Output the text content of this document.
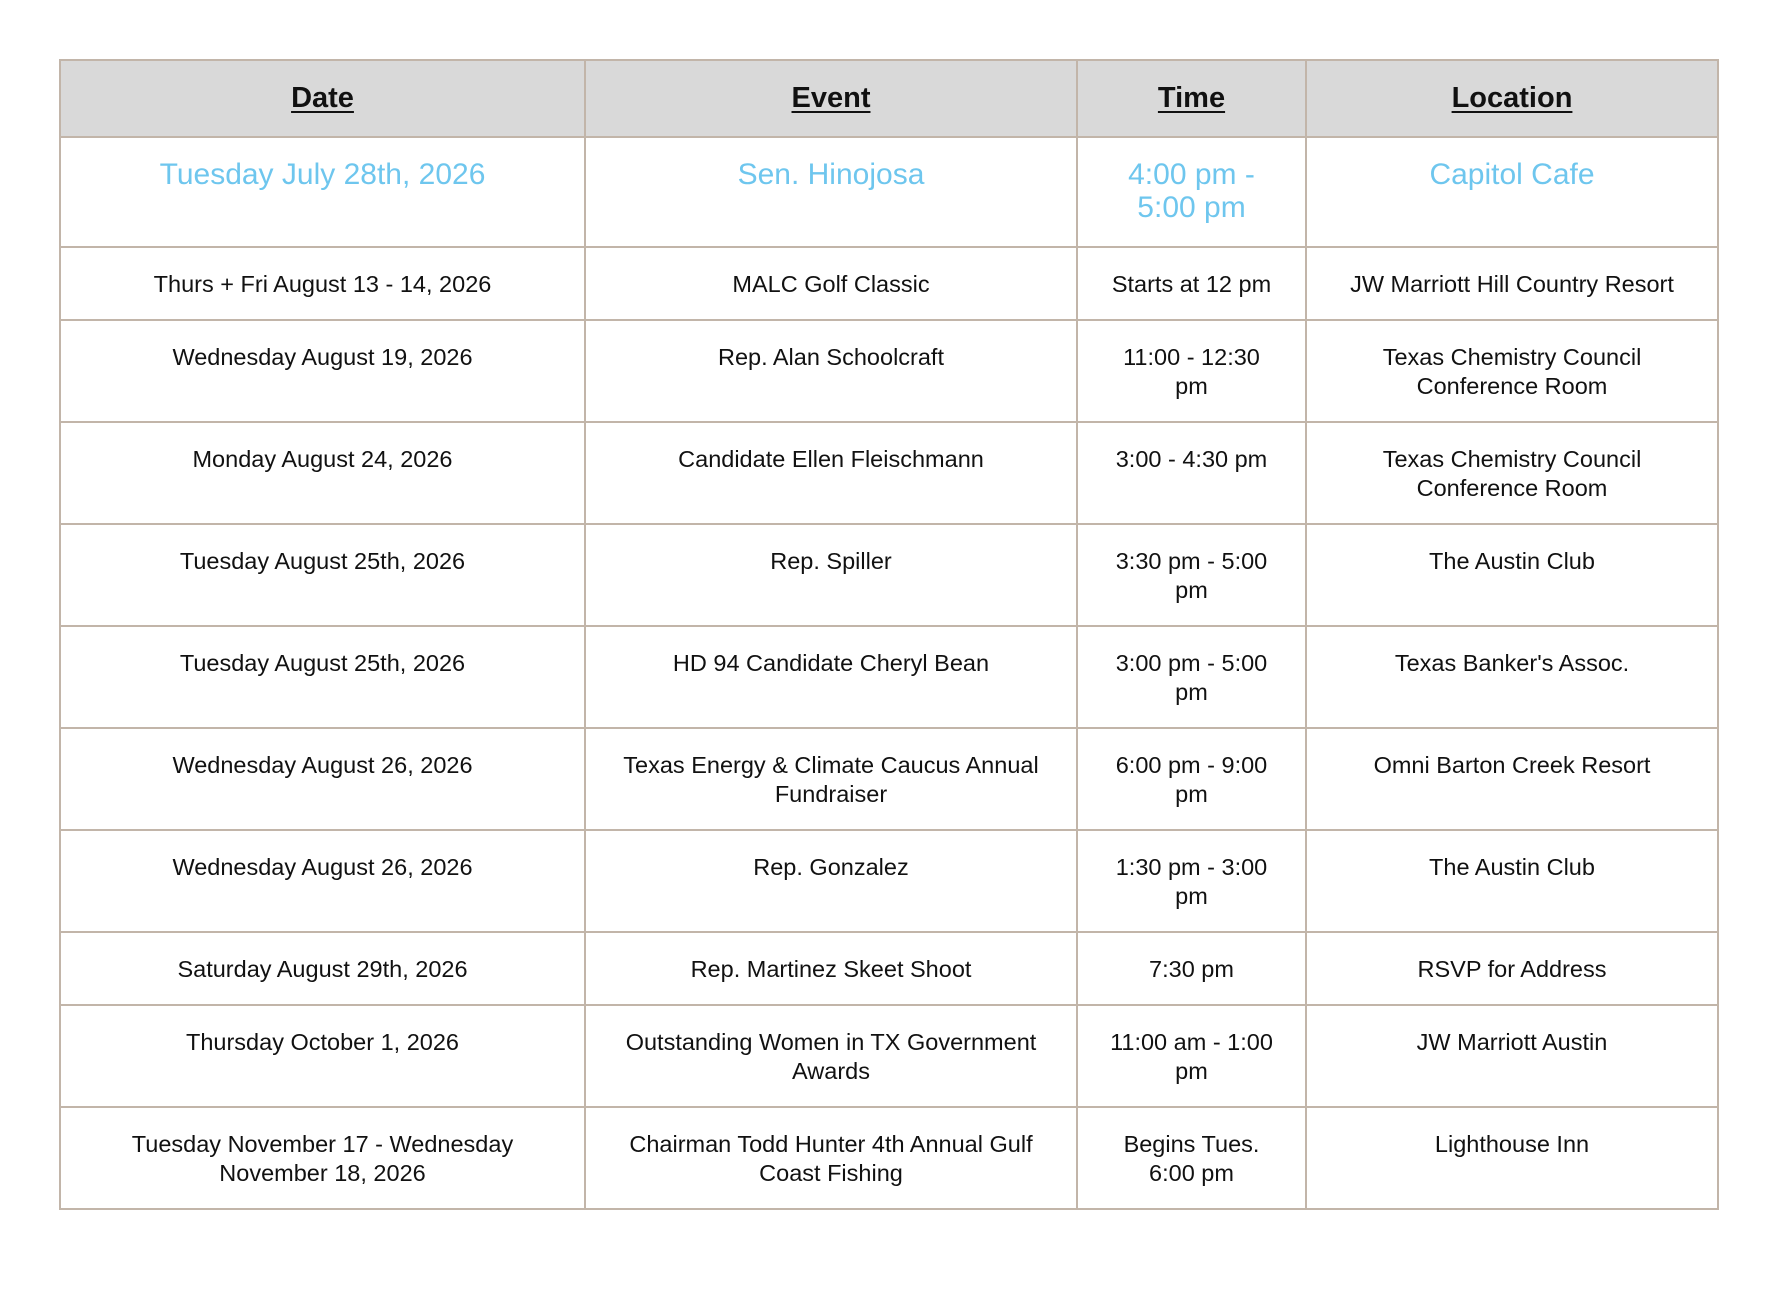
Date	Event	Time	Location
Tuesday July 28th, 2026	Sen. Hinojosa	4:00 pm - 5:00 pm	Capitol Cafe
Thurs + Fri August 13 - 14, 2026	MALC Golf Classic	Starts at 12 pm	JW Marriott Hill Country Resort
Wednesday August 19, 2026	Rep. Alan Schoolcraft	11:00 - 12:30 pm	Texas Chemistry Council Conference Room
Monday August 24, 2026	Candidate Ellen Fleischmann	3:00 - 4:30 pm	Texas Chemistry Council Conference Room
Tuesday August 25th, 2026	Rep. Spiller	3:30 pm - 5:00 pm	The Austin Club
Tuesday August 25th, 2026	HD 94 Candidate Cheryl Bean	3:00 pm - 5:00 pm	Texas Banker's Assoc.
Wednesday August 26, 2026	Texas Energy & Climate Caucus Annual Fundraiser	6:00 pm - 9:00 pm	Omni Barton Creek Resort
Wednesday August 26, 2026	Rep. Gonzalez	1:30 pm - 3:00 pm	The Austin Club
Saturday August 29th, 2026	Rep. Martinez Skeet Shoot	7:30 pm	RSVP for Address
Thursday October 1, 2026	Outstanding Women in TX Government Awards	11:00 am - 1:00 pm	JW Marriott Austin
Tuesday November 17 - Wednesday November 18, 2026	Chairman Todd Hunter 4th Annual Gulf Coast Fishing	Begins Tues. 6:00 pm	Lighthouse Inn
